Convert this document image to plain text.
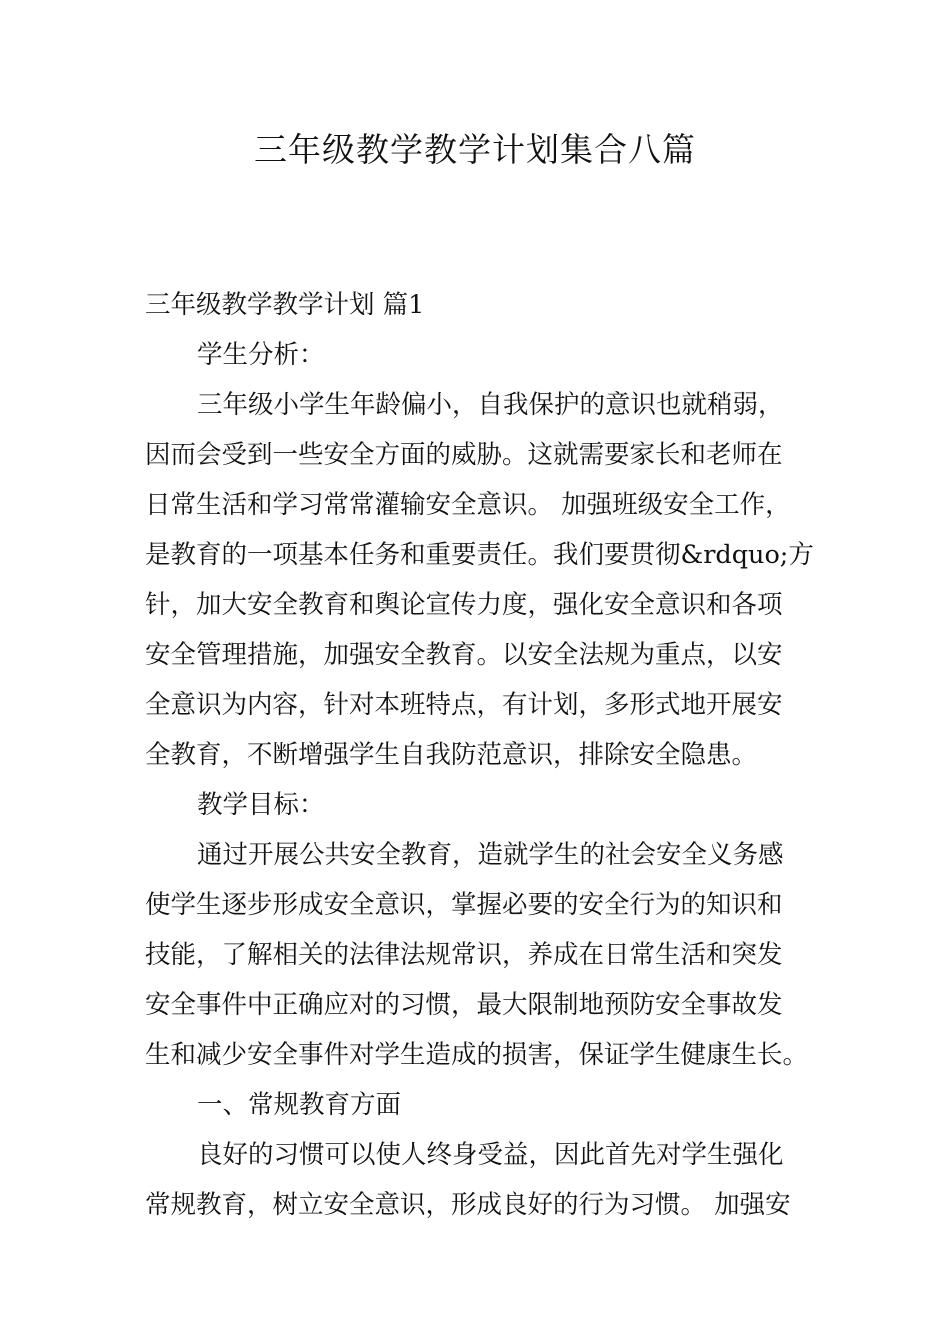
三年级教学教学计划集合八篇
三年级教学教学计划 篇1
学生分析：
三年级小学生年龄偏小，自我保护的意识也就稍弱，
因而会受到一些安全方面的威胁。这就需要家长和老师在
日常生活和学习常常灌输安全意识。 加强班级安全工作，
是教育的一项基本任务和重要责任。我们要贯彻&rdquo;方
针，加大安全教育和舆论宣传力度，强化安全意识和各项
安全管理措施，加强安全教育。以安全法规为重点，以安
全意识为内容，针对本班特点，有计划，多形式地开展安
全教育，不断增强学生自我防范意识，排除安全隐患。
教学目标：
通过开展公共安全教育，造就学生的社会安全义务感
使学生逐步形成安全意识，掌握必要的安全行为的知识和
技能，了解相关的法律法规常识，养成在日常生活和突发
安全事件中正确应对的习惯，最大限制地预防安全事故发
生和减少安全事件对学生造成的损害，保证学生健康生长。
一、常规教育方面
良好的习惯可以使人终身受益，因此首先对学生强化
常规教育，树立安全意识，形成良好的行为习惯。 加强安
